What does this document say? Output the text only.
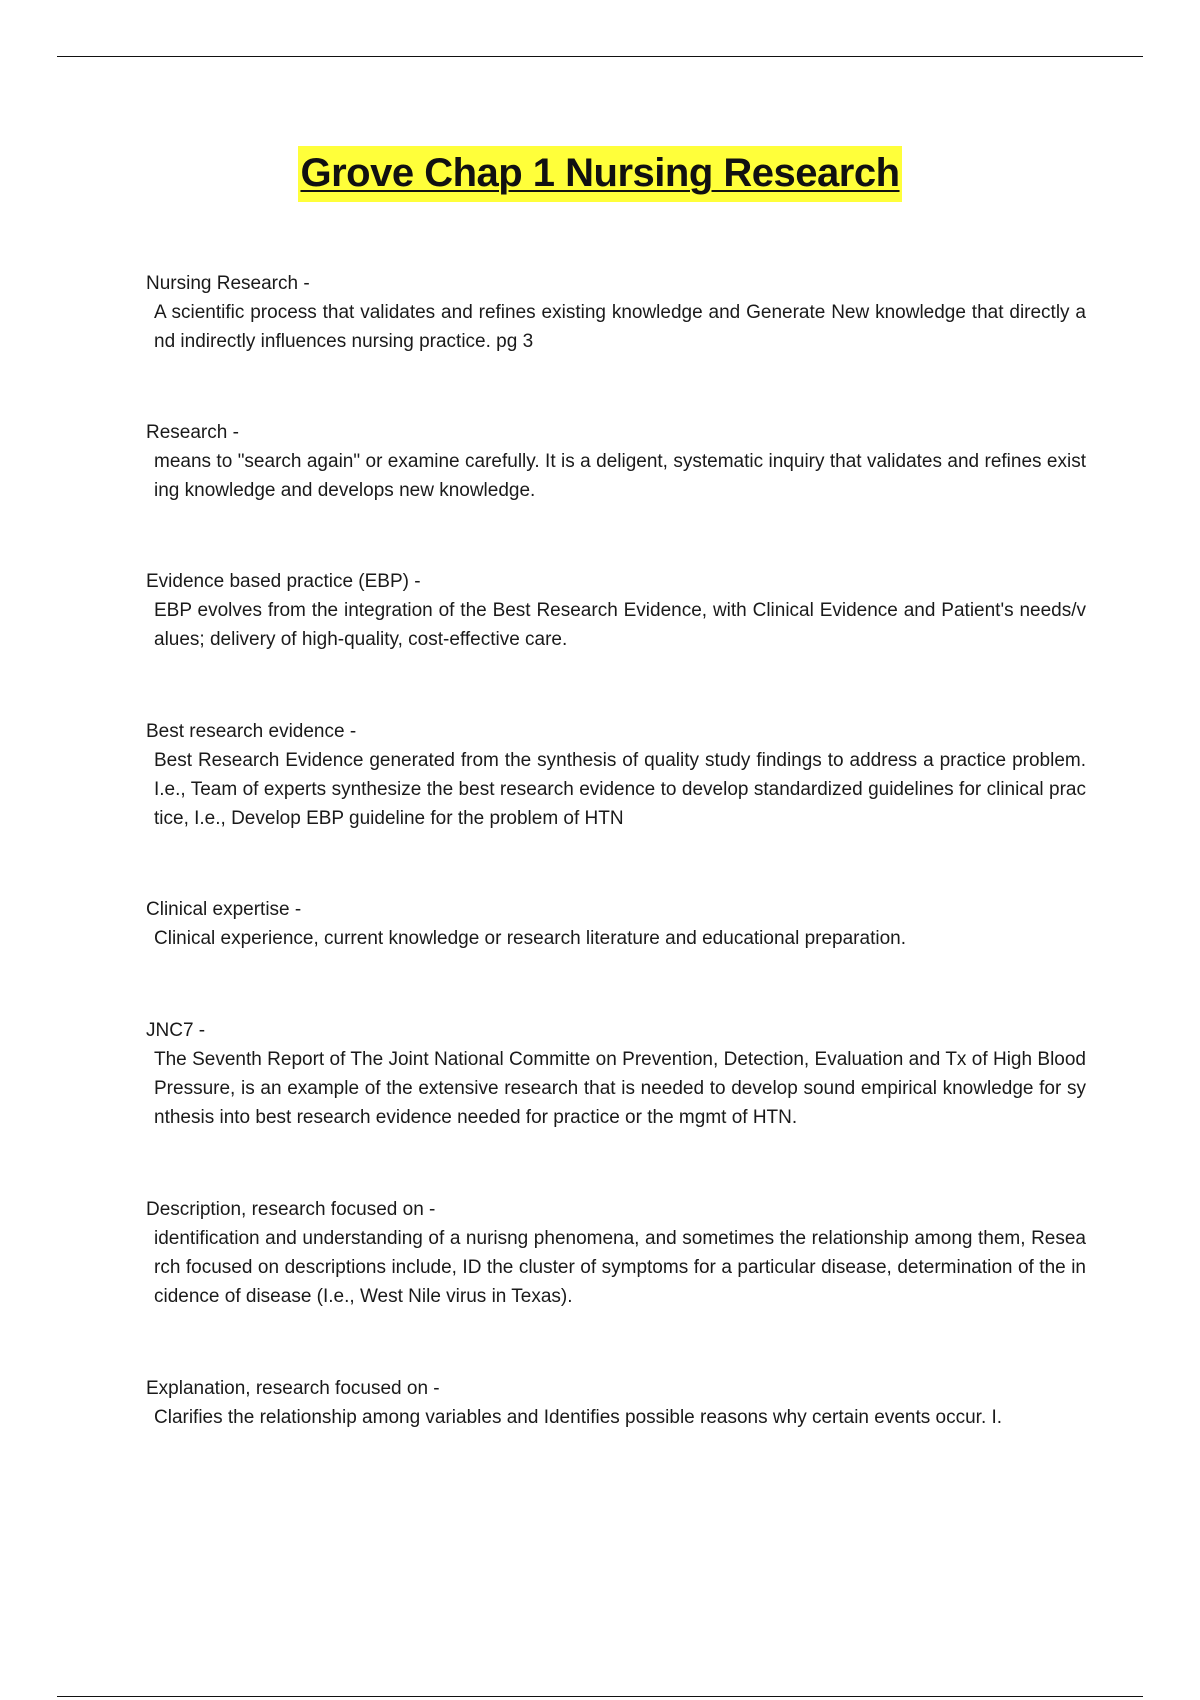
Grove Chap 1 Nursing Research
Nursing Research -
A scientific process that validates and refines existing knowledge and Generate New knowledge that directly and indirectly influences nursing practice. pg 3
Research -
means to "search again" or examine carefully. It is a deligent, systematic inquiry that validates and refines existing knowledge and develops new knowledge.
Evidence based practice (EBP) -
EBP evolves from the integration of the Best Research Evidence, with Clinical Evidence and Patient's needs/values; delivery of high-quality, cost-effective care.
Best research evidence -
Best Research Evidence generated from the synthesis of quality study findings to address a practice problem. I.e., Team of experts synthesize the best research evidence to develop standardized guidelines for clinical practice, I.e., Develop EBP guideline for the problem of HTN
Clinical expertise -
Clinical experience, current knowledge or research literature and educational preparation.
JNC7 -
The Seventh Report of The Joint National Committe on Prevention, Detection, Evaluation and Tx of High Blood Pressure, is an example of the extensive research that is needed to develop sound empirical knowledge for synthesis into best research evidence needed for practice or the mgmt of HTN.
Description, research focused on -
identification and understanding of a nurisng phenomena, and sometimes the relationship among them, Research focused on descriptions include, ID the cluster of symptoms for a particular disease, determination of the incidence of disease (I.e., West Nile virus in Texas).
Explanation, research focused on -
Clarifies the relationship among variables and Identifies possible reasons why certain events occur. I.
